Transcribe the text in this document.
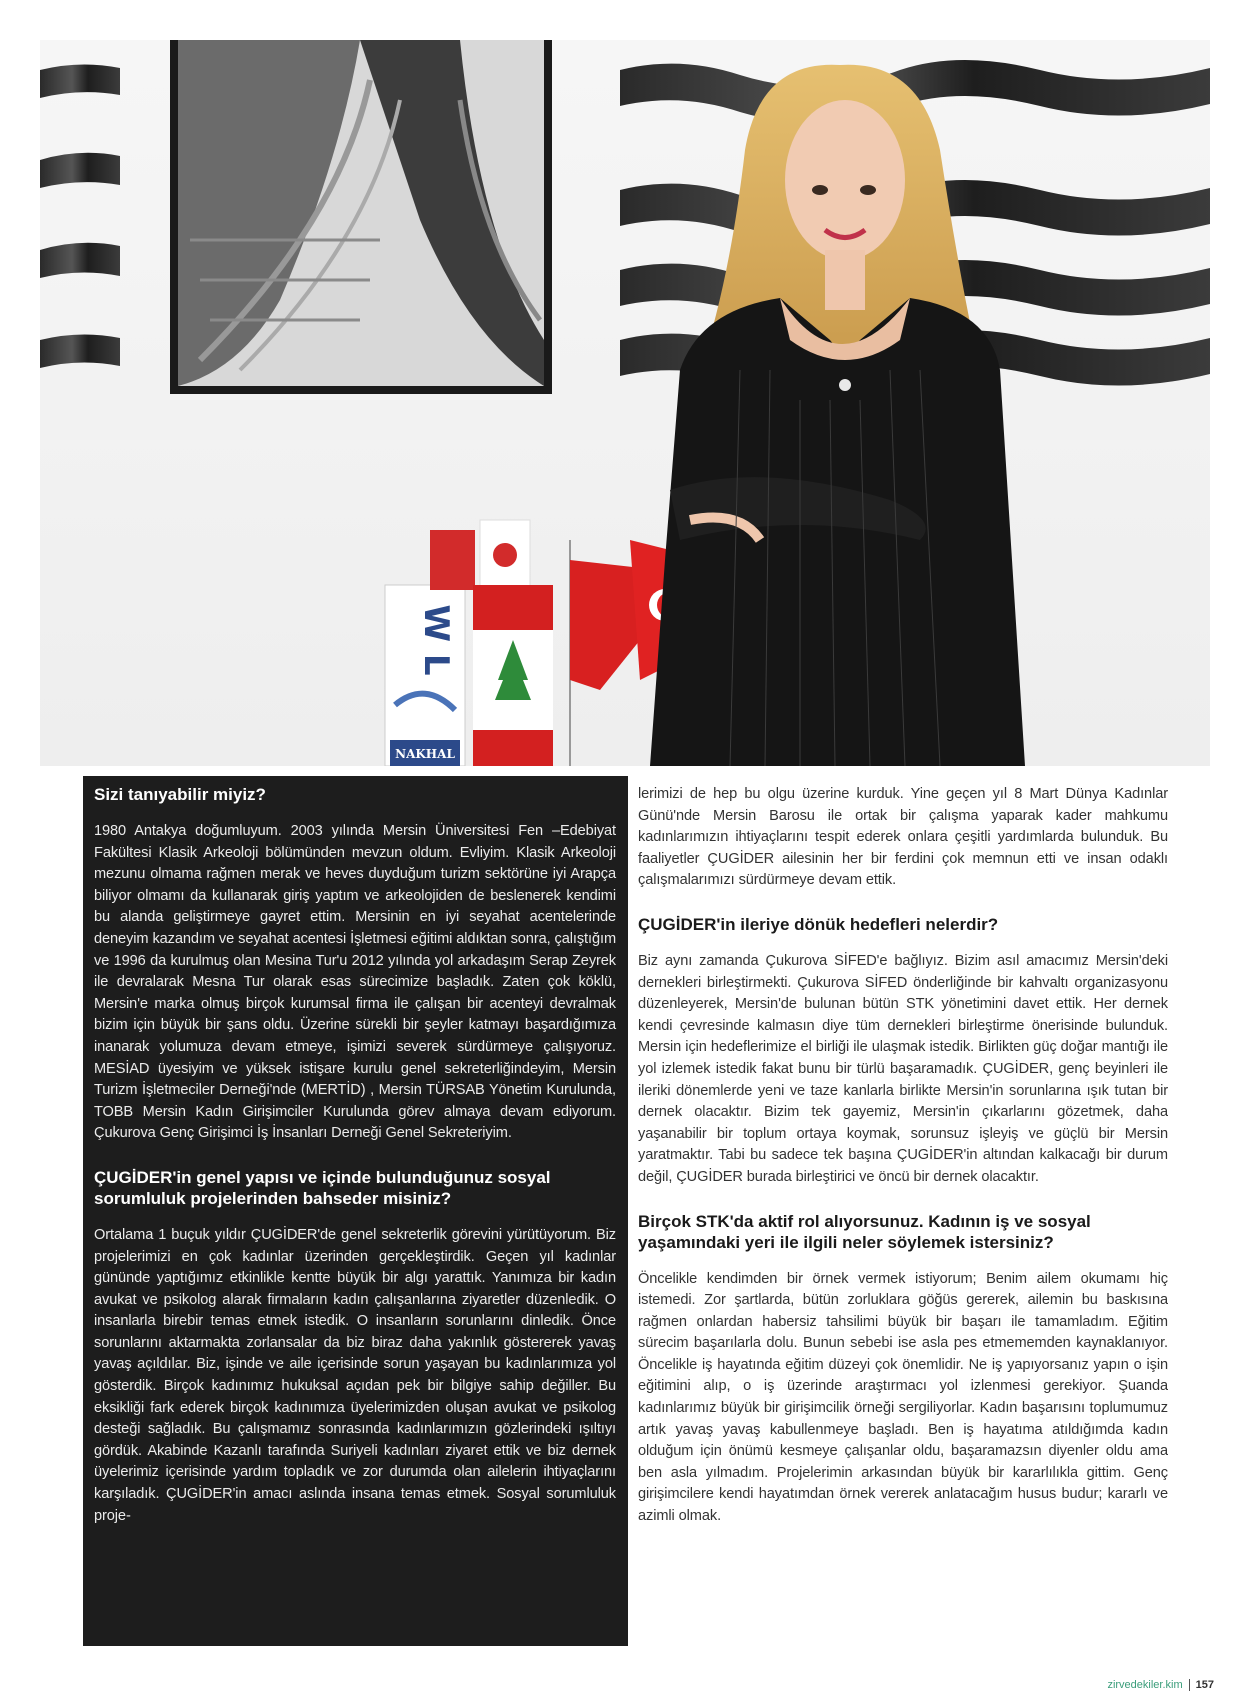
W L
NAKHAL
Sizi tanıyabilir miyiz?
1980 Antakya doğumluyum. 2003 yılında Mersin Üniversitesi Fen –Edebiyat Fakültesi Klasik Arkeoloji bölümünden mevzun oldum. Evliyim. Klasik Arkeoloji mezunu olmama rağmen merak ve heves duyduğum turizm sektörüne iyi Arapça biliyor olmamı da kullanarak giriş yaptım ve arkeolojiden de beslenerek kendimi bu alanda geliştirmeye gayret ettim. Mersinin en iyi seyahat acentelerinde deneyim kazandım ve seyahat acentesi İşletmesi eğitimi aldıktan sonra, çalıştığım ve 1996 da kurulmuş olan Mesina Tur'u 2012 yılında yol arkadaşım Serap Zeyrek ile devralarak Mesna Tur olarak esas sürecimize başladık. Zaten çok köklü, Mersin'e marka olmuş birçok kurumsal firma ile çalışan bir acenteyi devralmak bizim için büyük bir şans oldu. Üzerine sürekli bir şeyler katmayı başardığımıza inanarak yolumuza devam etmeye, işimizi severek sürdürmeye çalışıyoruz. MESİAD üyesiyim ve yüksek istişare kurulu genel sekreterliğindeyim, Mersin Turizm İşletmeciler Derneği'nde (MERTİD) , Mersin TÜRSAB Yönetim Kurulunda, TOBB Mersin Kadın Girişimciler Kurulunda görev almaya devam ediyorum. Çukurova Genç Girişimci İş İnsanları Derneği Genel Sekreteriyim.
ÇUGİDER'in genel yapısı ve içinde bulunduğunuz sosyal sorumluluk projelerinden bahseder misiniz?
Ortalama 1 buçuk yıldır ÇUGİDER'de genel sekreterlik görevini yürütüyorum. Biz projelerimizi en çok kadınlar üzerinden gerçekleştirdik. Geçen yıl kadınlar gününde yaptığımız etkinlikle kentte büyük bir algı yarattık. Yanımıza bir kadın avukat ve psikolog alarak firmaların kadın çalışanlarına ziyaretler düzenledik. O insanlarla birebir temas etmek istedik. O insanların sorunlarını dinledik. Önce sorunlarını aktarmakta zorlansalar da biz biraz daha yakınlık göstererek yavaş yavaş açıldılar. Biz, işinde ve aile içerisinde sorun yaşayan bu kadınlarımıza yol gösterdik. Birçok kadınımız hukuksal açıdan pek bir bilgiye sahip değiller. Bu eksikliği fark ederek birçok kadınımıza üyelerimizden oluşan avukat ve psikolog desteği sağladık. Bu çalışmamız sonrasında kadınlarımızın gözlerindeki ışıltıyı gördük. Akabinde Kazanlı tarafında Suriyeli kadınları ziyaret ettik ve biz dernek üyelerimiz içerisinde yardım topladık ve zor durumda olan ailelerin ihtiyaçlarını karşıladık. ÇUGİDER'in amacı aslında insana temas etmek. Sosyal sorumluluk proje-
lerimizi de hep bu olgu üzerine kurduk. Yine geçen yıl 8 Mart Dünya Kadınlar Günü'nde Mersin Barosu ile ortak bir çalışma yaparak kader mahkumu kadınlarımızın ihtiyaçlarını tespit ederek onlara çeşitli yardımlarda bulunduk. Bu faaliyetler ÇUGİDER ailesinin her bir ferdini çok memnun etti ve insan odaklı çalışmalarımızı sürdürmeye devam ettik.
ÇUGİDER'in ileriye dönük hedefleri nelerdir?
Biz aynı zamanda Çukurova SİFED'e bağlıyız. Bizim asıl amacımız Mersin'deki dernekleri birleştirmekti. Çukurova SİFED önderliğinde bir kahvaltı organizasyonu düzenleyerek, Mersin'de bulunan bütün STK yönetimini davet ettik. Her dernek kendi çevresinde kalmasın diye tüm dernekleri birleştirme önerisinde bulunduk. Mersin için hedeflerimize el birliği ile ulaşmak istedik. Birlikten güç doğar mantığı ile yol izlemek istedik fakat bunu bir türlü başaramadık. ÇUGİDER, genç beyinleri ile ileriki dönemlerde yeni ve taze kanlarla birlikte Mersin'in sorunlarına ışık tutan bir dernek olacaktır. Bizim tek gayemiz, Mersin'in çıkarlarını gözetmek, daha yaşanabilir bir toplum ortaya koymak, sorunsuz işleyiş ve güçlü bir Mersin yaratmaktır. Tabi bu sadece tek başına ÇUGİDER'in altından kalkacağı bir durum değil, ÇUGİDER burada birleştirici ve öncü bir dernek olacaktır.
Birçok STK'da aktif rol alıyorsunuz. Kadının iş ve sosyal yaşamındaki yeri ile ilgili neler söylemek istersiniz?
Öncelikle kendimden bir örnek vermek istiyorum; Benim ailem okumamı hiç istemedi. Zor şartlarda, bütün zorluklara göğüs gererek, ailemin bu baskısına rağmen onlardan habersiz tahsilimi büyük bir başarı ile tamamladım. Eğitim sürecim başarılarla dolu. Bunun sebebi ise asla pes etmememden kaynaklanıyor. Öncelikle iş hayatında eğitim düzeyi çok önemlidir. Ne iş yapıyorsanız yapın o işin eğitimini alıp, o iş üzerinde araştırmacı yol izlenmesi gerekiyor. Şuanda kadınlarımız büyük bir girişimcilik örneği sergiliyorlar. Kadın başarısını toplumumuz artık yavaş yavaş kabullenmeye başladı. Ben iş hayatıma atıldığımda kadın olduğum için önümü kesmeye çalışanlar oldu, başaramazsın diyenler oldu ama ben asla yılmadım. Projelerimin arkasından büyük bir kararlılıkla gittim. Genç girişimcilere kendi hayatımdan örnek vererek anlatacağım husus budur; kararlı ve azimli olmak.
zirvedekiler.kim 157
